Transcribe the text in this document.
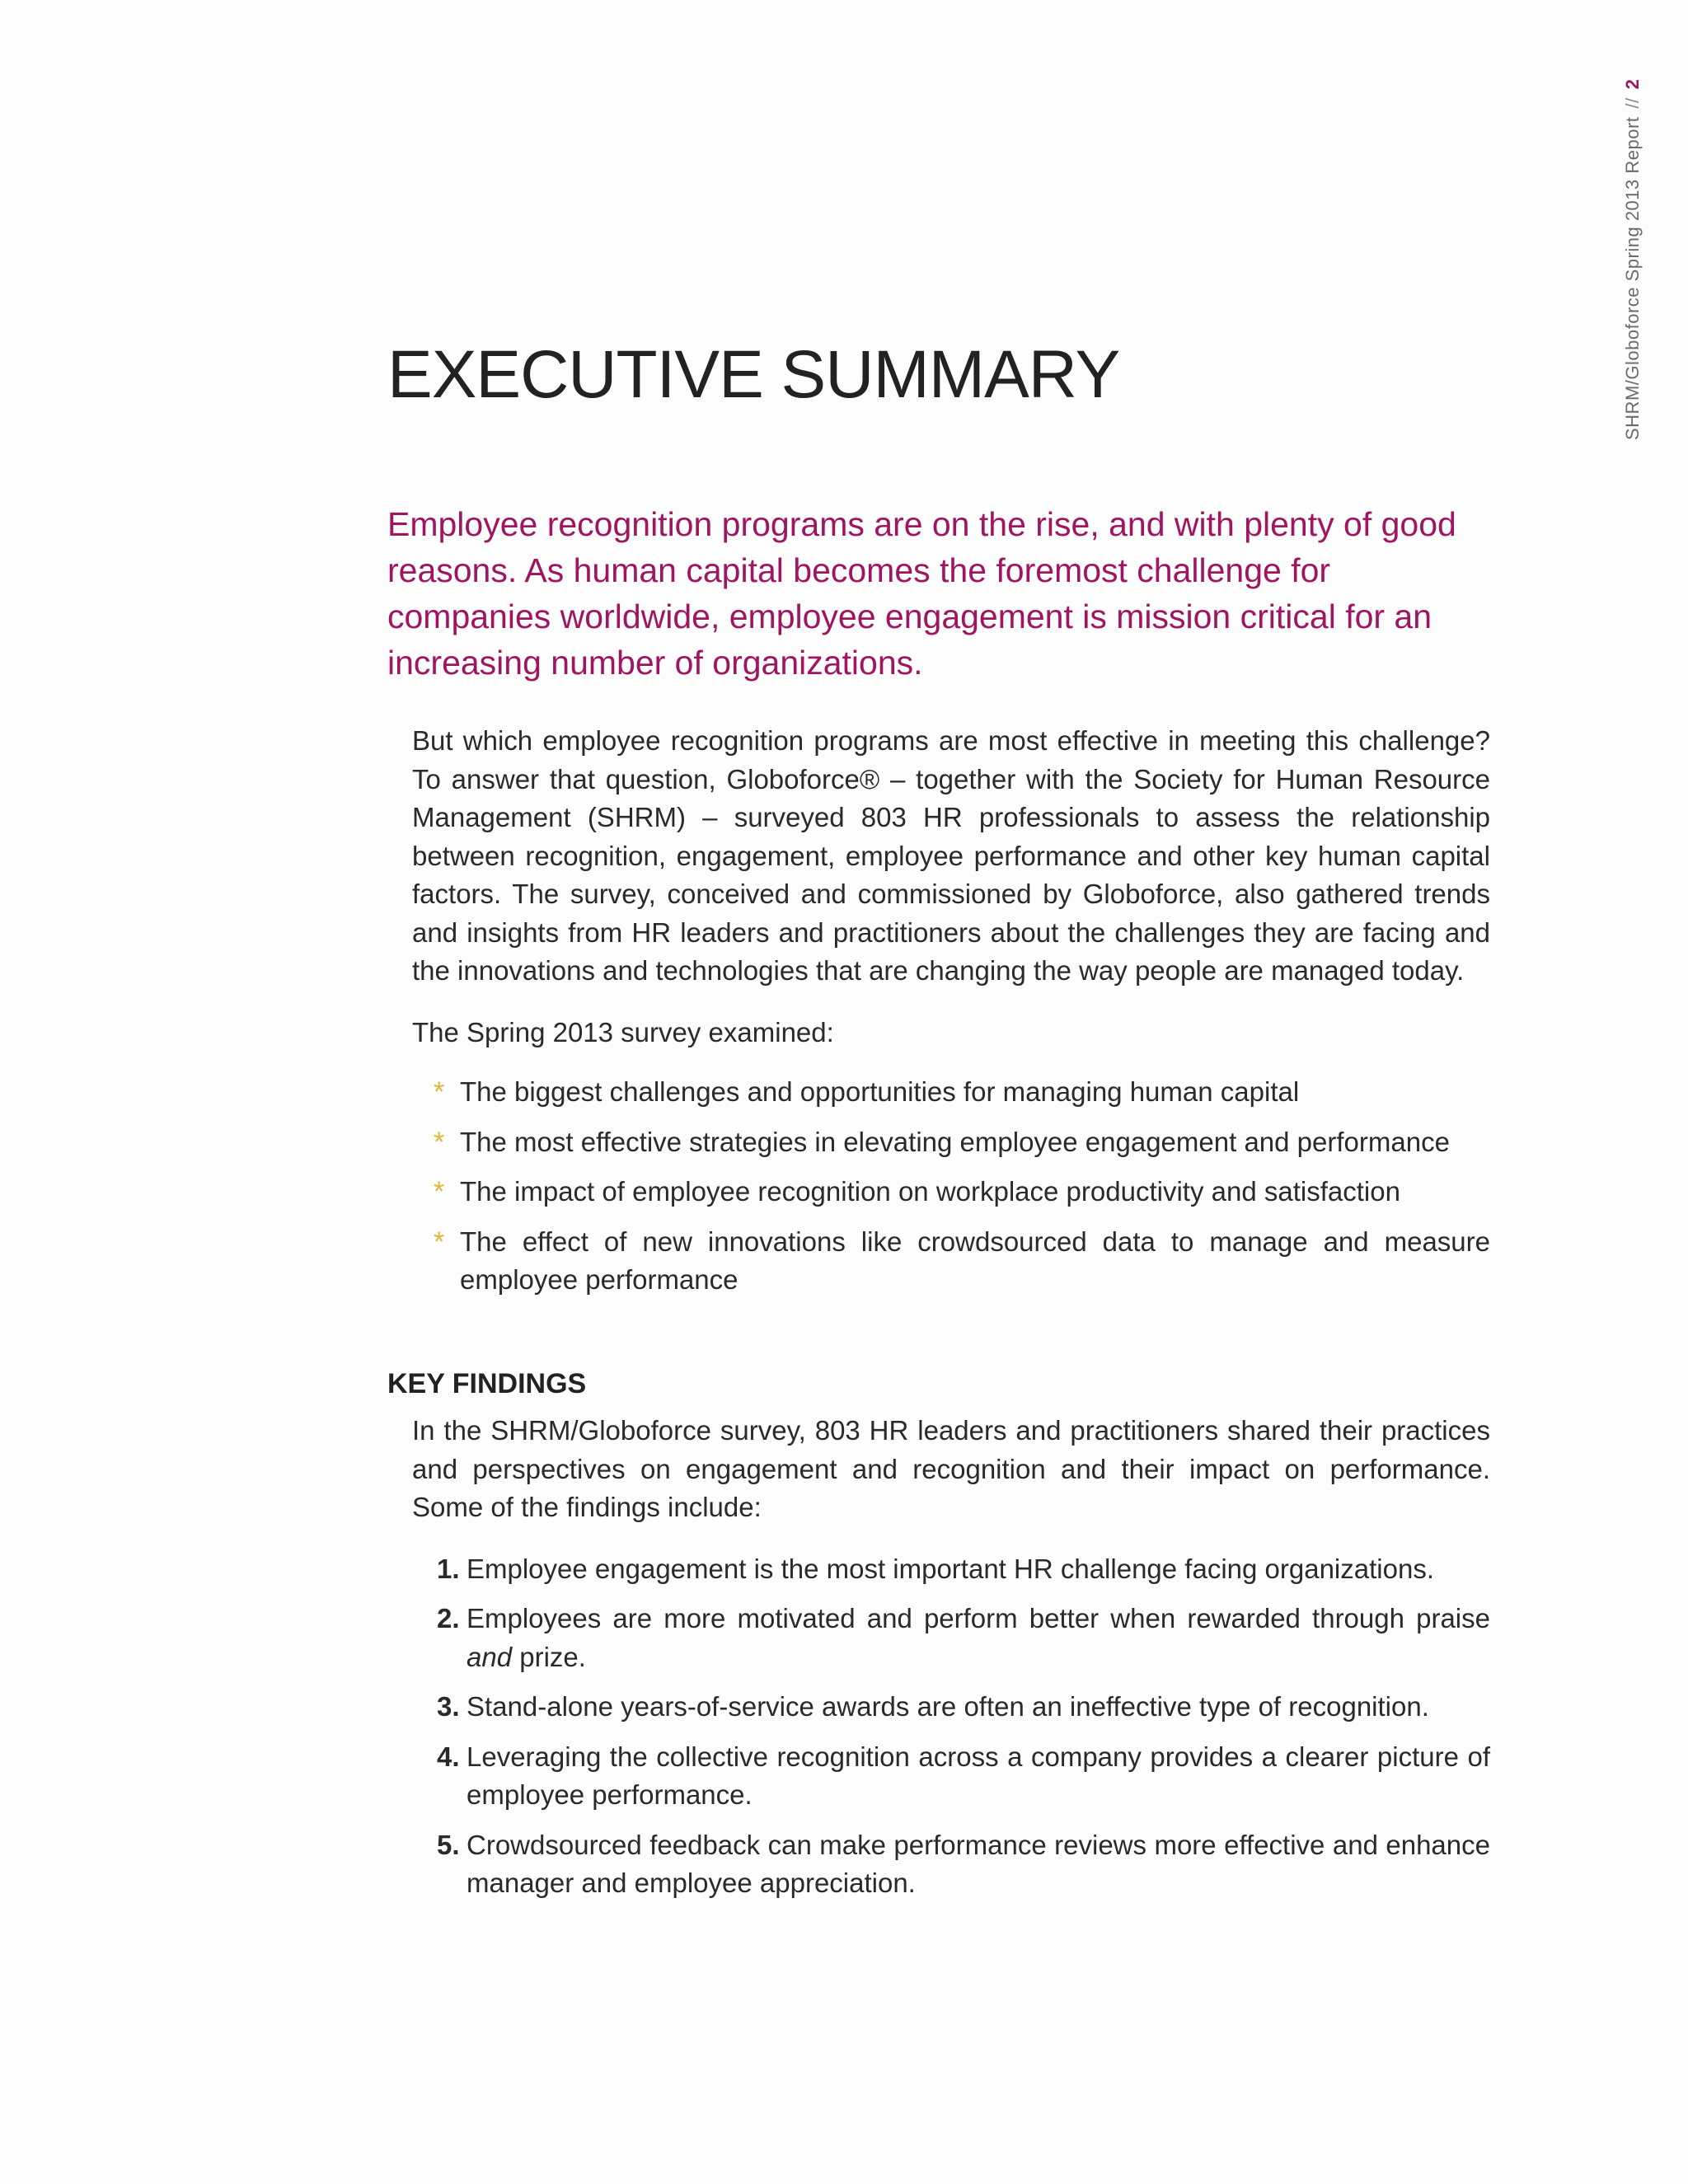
SHRM/Globoforce Spring 2013 Report//2
EXECUTIVE SUMMARY

Employee recognition programs are on the rise, and with plenty of good reasons. As human capital becomes the foremost challenge for companies worldwide, employee engagement is mission critical for an increasing number of organizations.

But which employee recognition programs are most effective in meeting this challenge? To answer that question, Globoforce® – together with the Society for Human Resource Management (SHRM) – surveyed 803 HR professionals to assess the relationship between recognition, engagement, employee performance and other key human capital factors. The survey, conceived and commissioned by Globoforce, also gathered trends and insights from HR leaders and practitioners about the challenges they are facing and the innovations and technologies that are changing the way people are managed today.

The Spring 2013 survey examined:

* The biggest challenges and opportunities for managing human capital
* The most effective strategies in elevating employee engagement and performance
* The impact of employee recognition on workplace productivity and satisfaction
* The effect of new innovations like crowdsourced data to manage and measure employee performance
KEY FINDINGS

In the SHRM/Globoforce survey, 803 HR leaders and practitioners shared their practices and perspectives on engagement and recognition and their impact on performance. Some of the findings include:

1. Employee engagement is the most important HR challenge facing organizations.
2. Employees are more motivated and perform better when rewarded through praise and prize.
3. Stand-alone years-of-service awards are often an ineffective type of recognition.
4. Leveraging the collective recognition across a company provides a clearer picture of employee performance.
5. Crowdsourced feedback can make performance reviews more effective and enhance manager and employee appreciation.
